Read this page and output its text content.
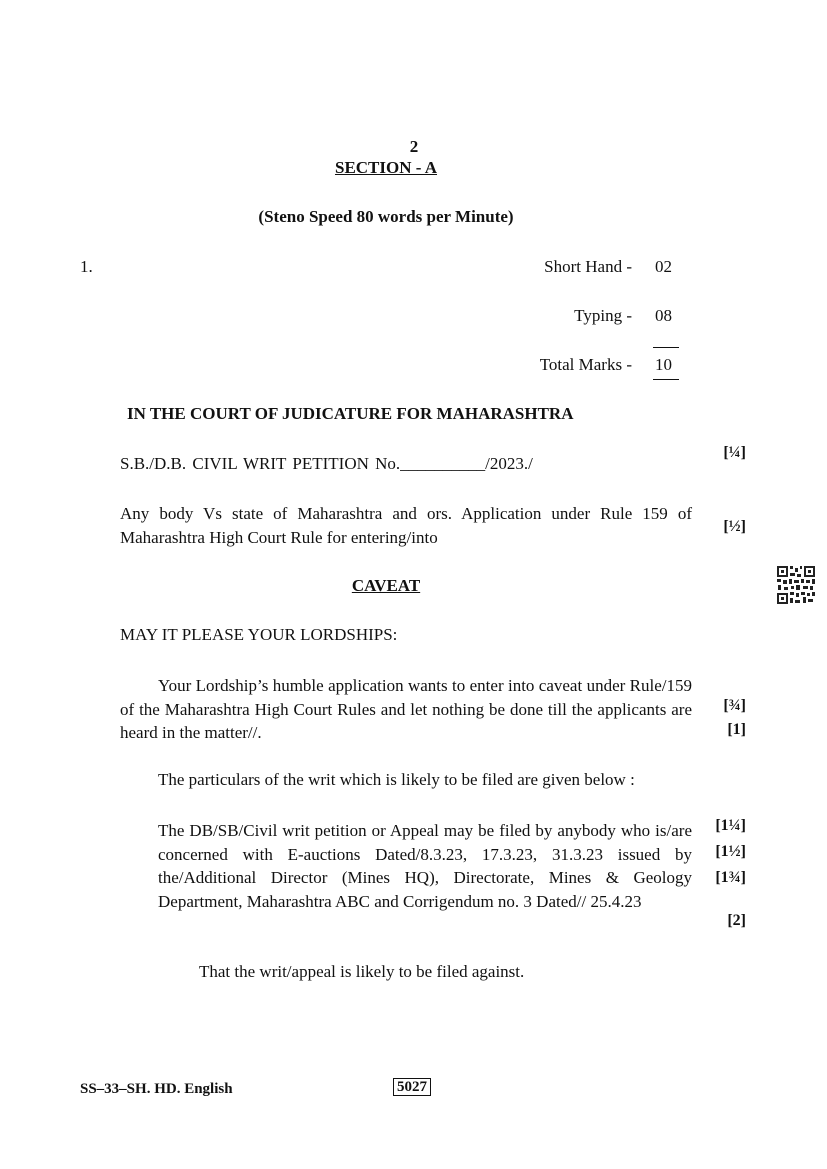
2
SECTION - A
(Steno Speed 80 words per Minute)
1.	Short Hand - 02
Typing - 08
Total Marks - 10
IN THE COURT OF JUDICATURE FOR MAHARASHTRA
S.B./D.B. CIVIL WRIT PETITION No.__________/2023./
[¼]
Any body Vs state of Maharashtra and ors. Application under Rule 159 of Maharashtra High Court Rule for entering/into
[½]
CAVEAT
MAY IT PLEASE YOUR LORDSHIPS:
Your Lordship’s humble application wants to enter into caveat under Rule/159 of the Maharashtra High Court Rules and let nothing be done till the applicants are heard in the matter//.
[¾]
[1]
The particulars of the writ which is likely to be filed are given below :
The DB/SB/Civil writ petition or Appeal may be filed by anybody who is/are concerned with E-auctions Dated/8.3.23, 17.3.23, 31.3.23 issued by the/Additional Director (Mines HQ), Directorate, Mines & Geology Department, Maharashtra ABC and Corrigendum no. 3 Dated// 25.4.23
[1¼]
[1½]
[1¾]
[2]
That the writ/appeal is likely to be filed against.
SS–33–SH. HD. English	5027
